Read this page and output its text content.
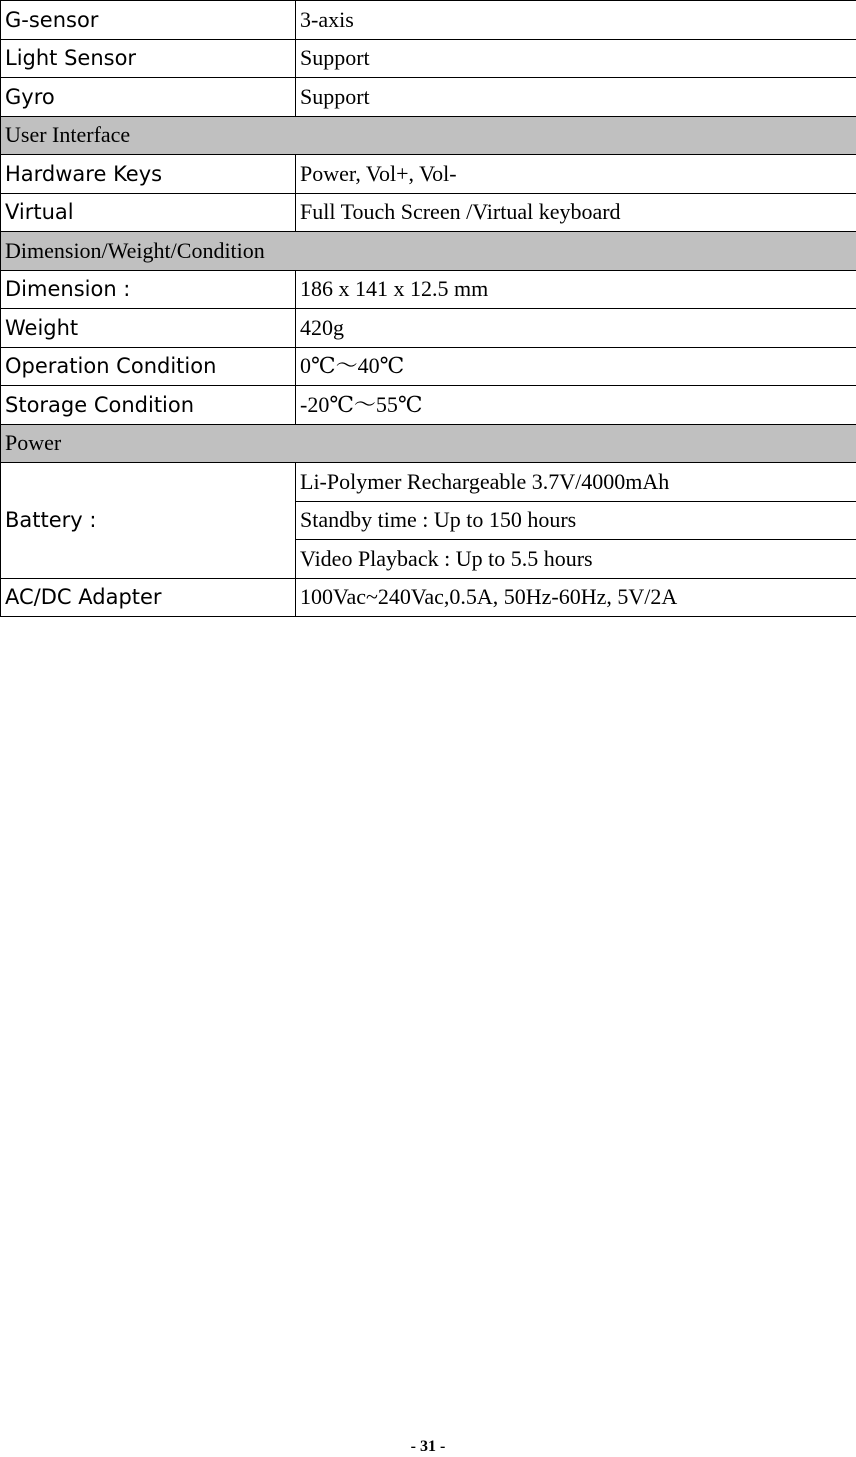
G-sensor	3-axis
Light Sensor	Support
Gyro	Support
User Interface	
Hardware Keys	Power, Vol+, Vol-
Virtual	Full Touch Screen /Virtual keyboard
Dimension/Weight/Condition	
Dimension :	186 x 141 x 12.5 mm
Weight	420g
Operation Condition	0℃～40℃
Storage Condition	-20℃～55℃
Power	
Battery :	Li-Polymer Rechargeable 3.7V/4000mAh
	Standby time : Up to 150 hours
	Video Playback : Up to 5.5 hours
AC/DC Adapter	100Vac~240Vac,0.5A, 50Hz-60Hz, 5V/2A
- 31 -
